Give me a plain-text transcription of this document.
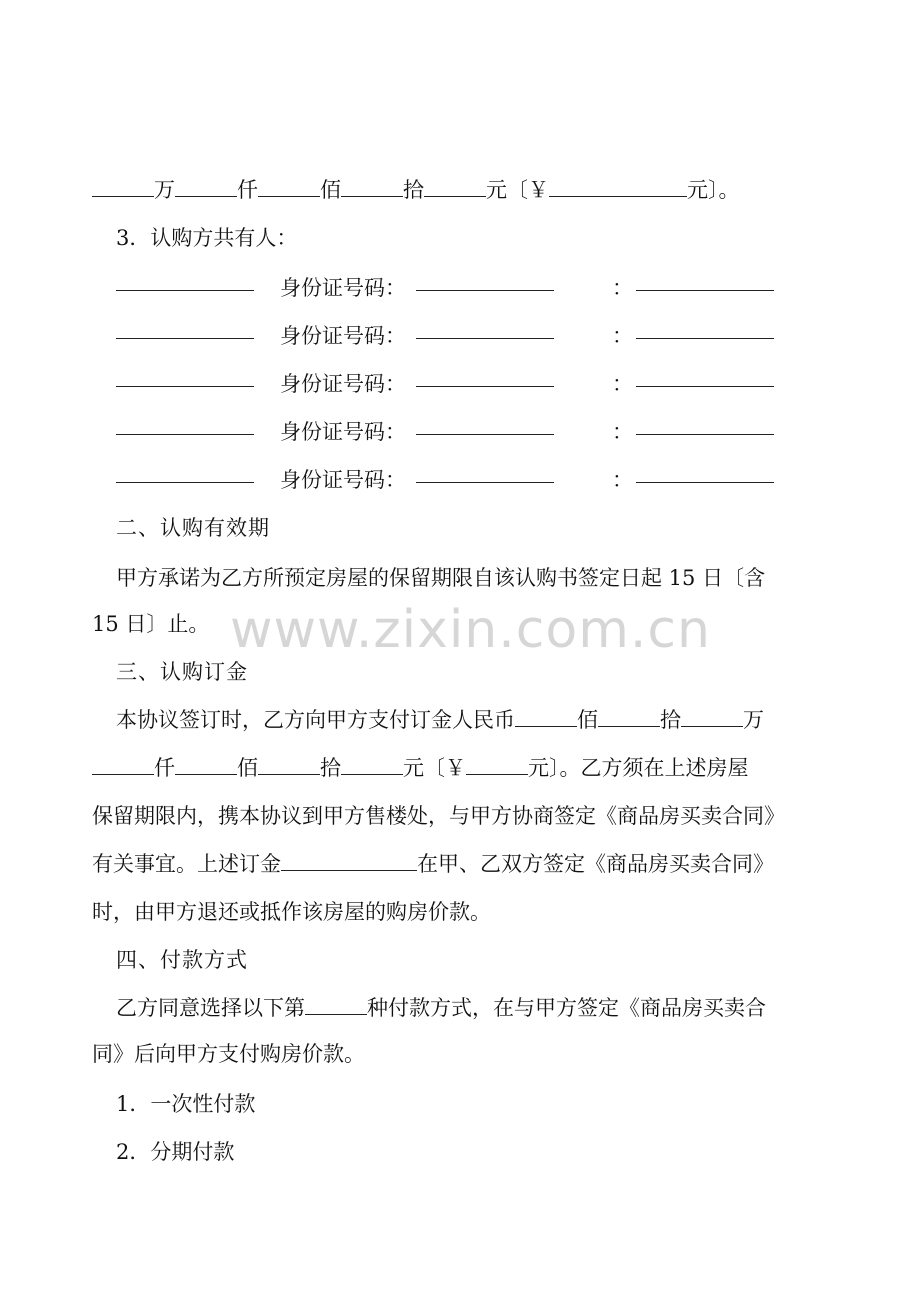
www.zixin.com.cn
万	仟	佰	拾	元〔￥	元〕。
3．认购方共有人：
身份证号码：	：
身份证号码：	：
身份证号码：	：
身份证号码：	：
身份证号码：	：
二、认购有效期
甲方承诺为乙方所预定房屋的保留期限自该认购书签定日起 15 日〔含
15 日〕止。
三、认购订金
本协议签订时，乙方向甲方支付订金人民币	佰	拾	万
仟	佰	拾	元〔￥	元〕。乙方须在上述房屋
保留期限内，携本协议到甲方售楼处，与甲方协商签定《商品房买卖合同》
有关事宜。上述订金	在甲、乙双方签定《商品房买卖合同》
时，由甲方退还或抵作该房屋的购房价款。
四、付款方式
乙方同意选择以下第	种付款方式，在与甲方签定《商品房买卖合
同》后向甲方支付购房价款。
1．一次性付款
2．分期付款
